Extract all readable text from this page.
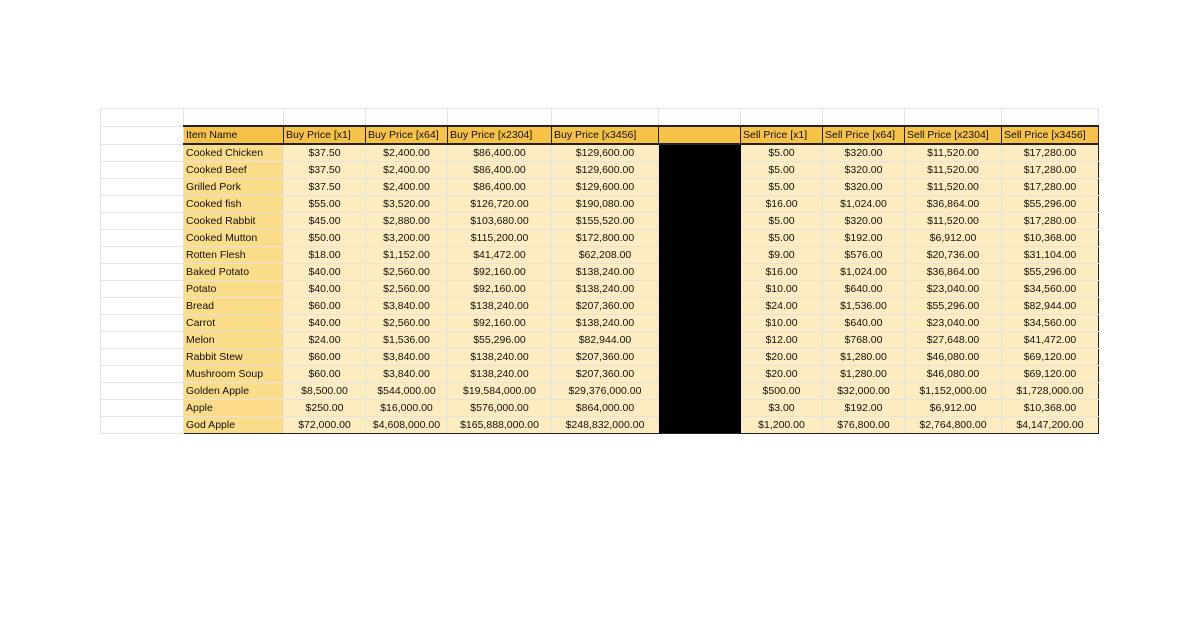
	Item Name	Buy Price [x1]	Buy Price [x64]	Buy Price [x2304]	Buy Price [x3456]		Sell Price [x1]	Sell Price [x64]	Sell Price [x2304]	Sell Price [x3456]
	Cooked Chicken	$37.50	$2,400.00	$86,400.00	$129,600.00		$5.00	$320.00	$11,520.00	$17,280.00
	Cooked Beef	$37.50	$2,400.00	$86,400.00	$129,600.00		$5.00	$320.00	$11,520.00	$17,280.00
	Grilled Pork	$37.50	$2,400.00	$86,400.00	$129,600.00		$5.00	$320.00	$11,520.00	$17,280.00
	Cooked fish	$55.00	$3,520.00	$126,720.00	$190,080.00		$16.00	$1,024.00	$36,864.00	$55,296.00
	Cooked Rabbit	$45.00	$2,880.00	$103,680.00	$155,520.00		$5.00	$320.00	$11,520.00	$17,280.00
	Cooked Mutton	$50.00	$3,200.00	$115,200.00	$172,800.00		$5.00	$192.00	$6,912.00	$10,368.00
	Rotten Flesh	$18.00	$1,152.00	$41,472.00	$62,208.00		$9.00	$576.00	$20,736.00	$31,104.00
	Baked Potato	$40.00	$2,560.00	$92,160.00	$138,240.00		$16.00	$1,024.00	$36,864.00	$55,296.00
	Potato	$40.00	$2,560.00	$92,160.00	$138,240.00		$10.00	$640.00	$23,040.00	$34,560.00
	Bread	$60.00	$3,840.00	$138,240.00	$207,360.00		$24.00	$1,536.00	$55,296.00	$82,944.00
	Carrot	$40.00	$2,560.00	$92,160.00	$138,240.00		$10.00	$640.00	$23,040.00	$34,560.00
	Melon	$24.00	$1,536.00	$55,296.00	$82,944.00		$12.00	$768.00	$27,648.00	$41,472.00
	Rabbit Stew	$60.00	$3,840.00	$138,240.00	$207,360.00		$20.00	$1,280.00	$46,080.00	$69,120.00
	Mushroom Soup	$60.00	$3,840.00	$138,240.00	$207,360.00		$20.00	$1,280.00	$46,080.00	$69,120.00
	Golden Apple	$8,500.00	$544,000.00	$19,584,000.00	$29,376,000.00		$500.00	$32,000.00	$1,152,000.00	$1,728,000.00
	Apple	$250.00	$16,000.00	$576,000.00	$864,000.00		$3.00	$192.00	$6,912.00	$10,368.00
	God Apple	$72,000.00	$4,608,000.00	$165,888,000.00	$248,832,000.00		$1,200.00	$76,800.00	$2,764,800.00	$4,147,200.00
